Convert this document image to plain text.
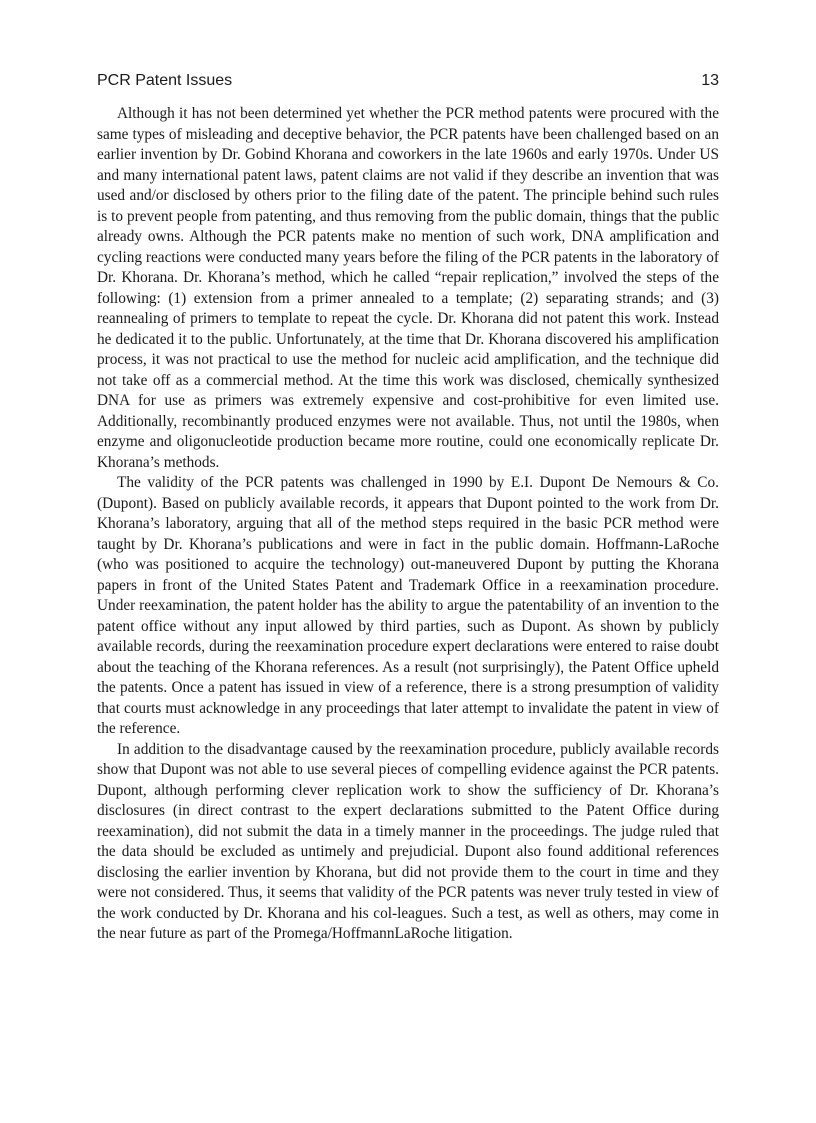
PCR Patent Issues	13

Although it has not been determined yet whether the PCR method patents were procured with the same types of misleading and deceptive behavior, the PCR patents have been challenged based on an earlier invention by Dr. Gobind Khorana and coworkers in the late 1960s and early 1970s. Under US and many international patent laws, patent claims are not valid if they describe an invention that was used and/or disclosed by others prior to the filing date of the patent. The principle behind such rules is to prevent people from patenting, and thus removing from the public domain, things that the public already owns. Although the PCR patents make no mention of such work, DNA amplification and cycling reactions were conducted many years before the filing of the PCR patents in the laboratory of Dr. Khorana. Dr. Khorana’s method, which he called “repair replication,” involved the steps of the following: (1) extension from a primer annealed to a template; (2) separating strands; and (3) reannealing of primers to template to repeat the cycle. Dr. Khorana did not patent this work. Instead he dedicated it to the public. Unfortunately, at the time that Dr. Khorana discovered his amplification process, it was not practical to use the method for nucleic acid amplification, and the technique did not take off as a commercial method. At the time this work was disclosed, chemically synthesized DNA for use as primers was extremely expensive and cost-prohibitive for even limited use. Additionally, recombinantly produced enzymes were not available. Thus, not until the 1980s, when enzyme and oligonucleotide production became more routine, could one economically replicate Dr. Khorana’s methods.

The validity of the PCR patents was challenged in 1990 by E.I. Dupont De Nemours & Co. (Dupont). Based on publicly available records, it appears that Dupont pointed to the work from Dr. Khorana’s laboratory, arguing that all of the method steps required in the basic PCR method were taught by Dr. Khorana’s publications and were in fact in the public domain. Hoffmann-LaRoche (who was positioned to acquire the technology) out-maneuvered Dupont by putting the Khorana papers in front of the United States Patent and Trademark Office in a reexamination procedure. Under reexamination, the patent holder has the ability to argue the patentability of an invention to the patent office without any input allowed by third parties, such as Dupont. As shown by publicly available records, during the reexamination procedure expert declarations were entered to raise doubt about the teaching of the Khorana references. As a result (not surprisingly), the Patent Office upheld the patents. Once a patent has issued in view of a reference, there is a strong presumption of validity that courts must acknowledge in any proceedings that later attempt to invalidate the patent in view of the reference.

In addition to the disadvantage caused by the reexamination procedure, publicly available records show that Dupont was not able to use several pieces of compelling evidence against the PCR patents. Dupont, although performing clever replication work to show the sufficiency of Dr. Khorana’s disclosures (in direct contrast to the expert declarations submitted to the Patent Office during reexamination), did not submit the data in a timely manner in the proceedings. The judge ruled that the data should be excluded as untimely and prejudicial. Dupont also found additional references disclosing the earlier invention by Khorana, but did not provide them to the court in time and they were not considered. Thus, it seems that validity of the PCR patents was never truly tested in view of the work conducted by Dr. Khorana and his col-leagues. Such a test, as well as others, may come in the near future as part of the Promega/HoffmannLaRoche litigation.
